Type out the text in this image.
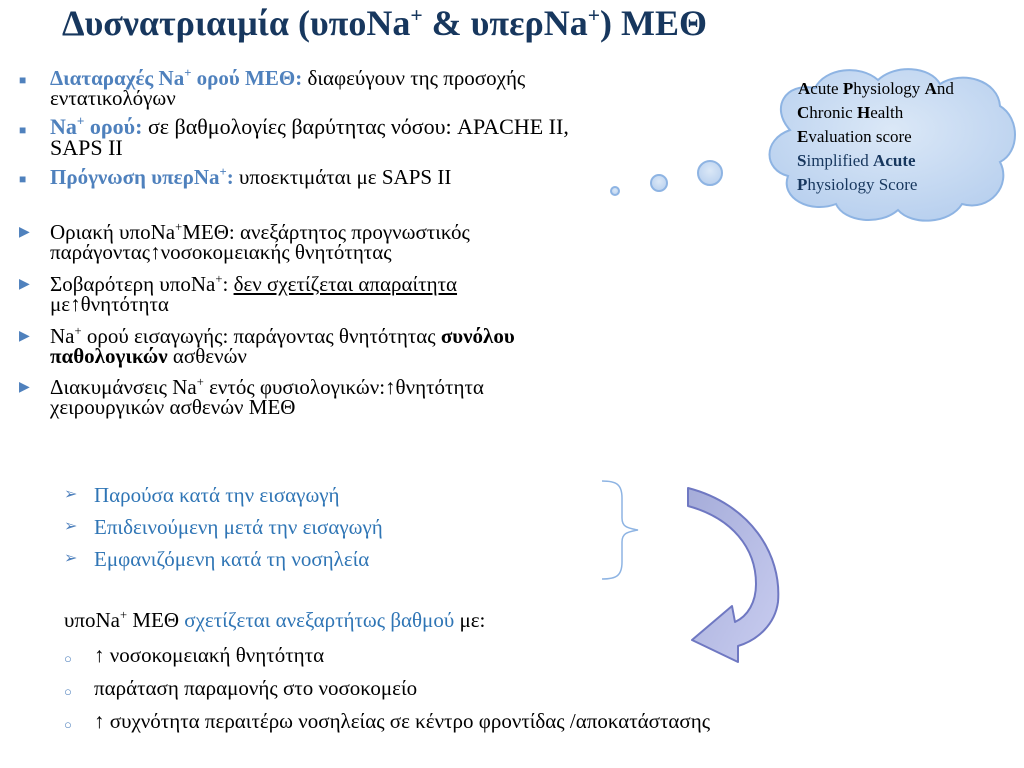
Δυσνατριαιμία (υποΝa+ & υπερΝa+) ΜΕΘ
■ Διαταραχές Na+ ορού ΜΕΘ: διαφεύγουν της προσοχής
εντατικολόγων
■ Na+ ορού: σε βαθμολογίες βαρύτητας νόσου: APACHE II,
SAPS II
■ Πρόγνωση υπερNa+: υποεκτιμάται με SAPS II
▶ Οριακή υποNa+ΜΕΘ: ανεξάρτητος προγνωστικός
παράγοντας↑νοσοκομειακής θνητότητας
▶ Σοβαρότερη υποNa+: δεν σχετίζεται απαραίτητα
με↑θνητότητα
▶ Na+ ορού εισαγωγής: παράγοντας θνητότητας συνόλου
παθολογικών ασθενών
▶ Διακυμάνσεις Na+ εντός φυσιολογικών:↑θνητότητα
χειρουργικών ασθενών ΜΕΘ
➢ Παρούσα κατά την εισαγωγή
➢ Επιδεινούμενη μετά την εισαγωγή
➢ Εμφανιζόμενη κατά τη νοσηλεία
υποNa+ ΜΕΘ σχετίζεται ανεξαρτήτως βαθμού με:
○ ↑ νοσοκομειακή θνητότητα
○ παράταση παραμονής στο νοσοκομείο
○ ↑ συχνότητα περαιτέρω νοσηλείας σε κέντρο φροντίδας /αποκατάστασης
Acute Physiology And
Chronic Health
Evaluation score
Simplified Acute
Physiology Score
